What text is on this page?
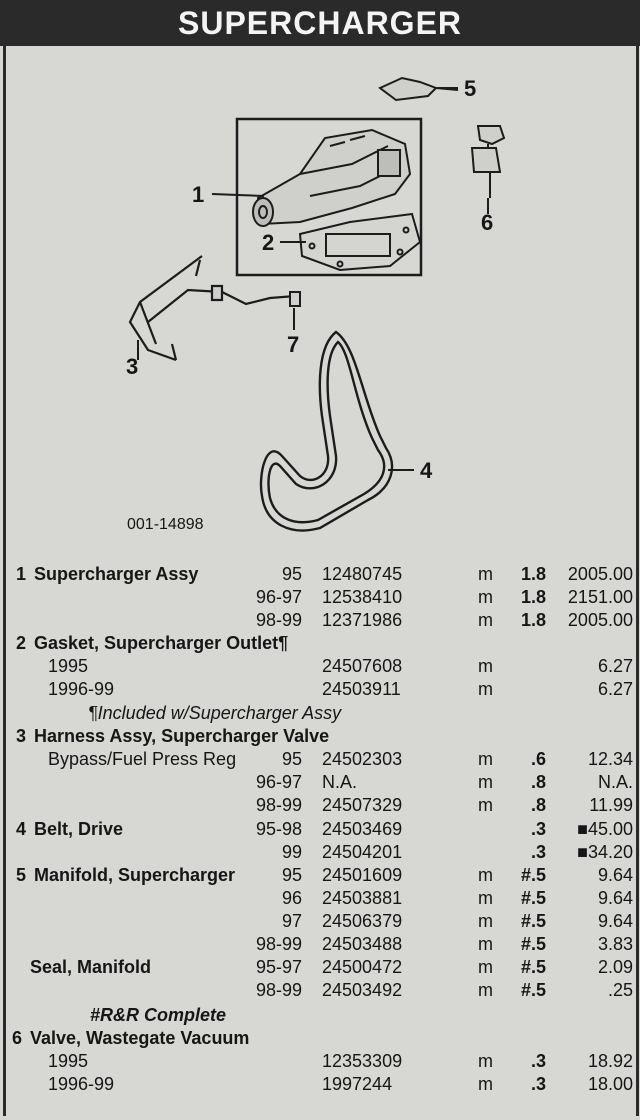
SUPERCHARGER
1
2
3
4
5
6
7
001-14898
1 Supercharger Assy	95 12480745	m	1.8	2005.00
96-97 12538410	m	1.8	2151.00
98-99 12371986	m	1.8	2005.00
2 Gasket, Supercharger Outlet¶
1995	24507608	m	6.27
1996-99	24503911	m	6.27
¶Included w/Supercharger Assy
3 Harness Assy, Supercharger Valve
Bypass/Fuel Press Reg	95 24502303	m	.6	12.34
96-97 N.A.	m	.8	N.A.
98-99 24507329	m	.8	11.99
4 Belt, Drive	95-98 24503469	.3	■45.00
99 24504201	.3	■34.20
5 Manifold, Supercharger	95 24501609	m	#.5	9.64
96 24503881	m	#.5	9.64
97 24506379	m	#.5	9.64
98-99 24503488	m	#.5	3.83
Seal, Manifold	95-97 24500472	m	#.5	2.09
98-99 24503492	m	#.5	.25
#R&R Complete
6 Valve, Wastegate Vacuum
1995	12353309	m	.3	18.92
1996-99	1997244	m	.3	18.00
